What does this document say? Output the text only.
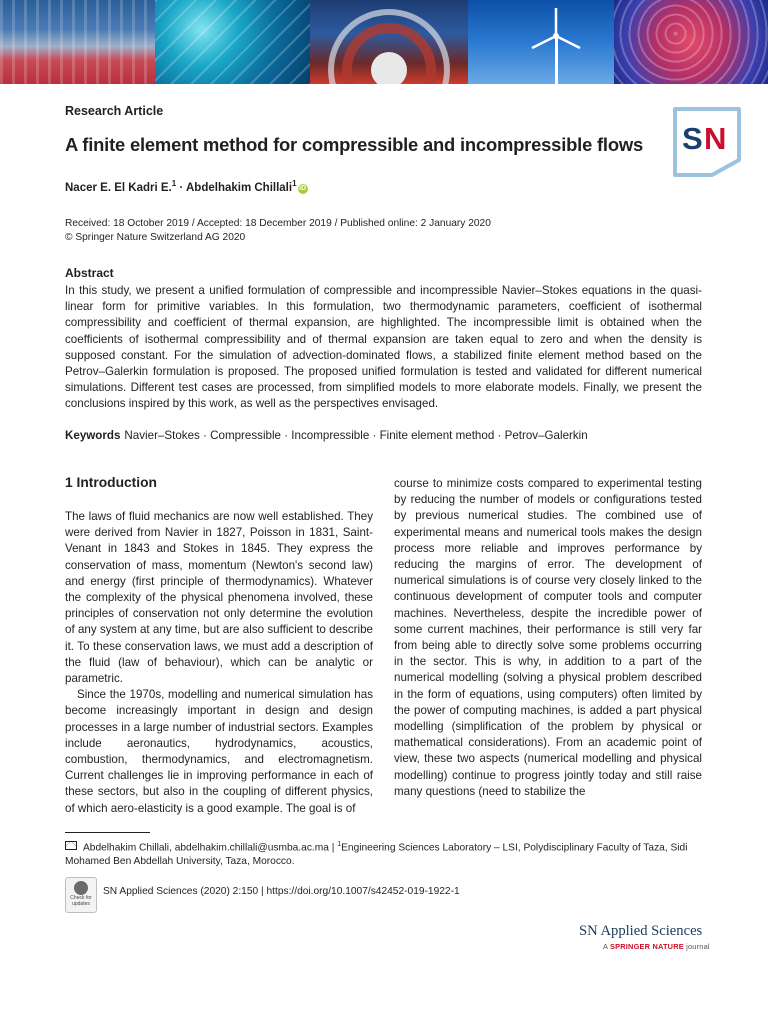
Research Article
A finite element method for compressible and incompressible flows
Nacer E. El Kadri E.$^1$ · Abdelhakim Chillali$^1$iD
Received: 18 October 2019 / Accepted: 18 December 2019 / Published online: 2 January 2020
© Springer Nature Switzerland AG 2020
S N
Abstract
In this study, we present a unified formulation of compressible and incompressible Navier–Stokes equations in the quasi-linear form for primitive variables. In this formulation, two thermodynamic parameters, coefficient of isothermal compressibility and coefficient of thermal expansion, are highlighted. The incompressible limit is obtained when the coefficients of isothermal compressibility and of thermal expansion are taken equal to zero and when the density is supposed constant. For the simulation of advection-dominated flows, a stabilized finite element method based on the Petrov–Galerkin formulation is proposed. The proposed unified formulation is tested and validated for different numerical simulations. Different test cases are processed, from simplified models to more elaborate models. Finally, we present the conclusions inspired by this work, as well as the perspectives envisaged.
Keywords Navier–Stokes · Compressible · Incompressible · Finite element method · Petrov–Galerkin
1 Introduction

The laws of fluid mechanics are now well established. They were derived from Navier in 1827, Poisson in 1831, Saint-Venant in 1843 and Stokes in 1845. They express the conservation of mass, momentum (Newton's second law) and energy (first principle of thermodynamics). Whatever the complexity of the physical phenomena involved, these principles of conservation not only determine the evolution of any system at any time, but are also sufficient to describe it. To these conservation laws, we must add a description of the fluid (law of behaviour), which can be analytic or parametric.

Since the 1970s, modelling and numerical simulation has become increasingly important in design and design processes in a large number of industrial sectors. Examples include aeronautics, hydrodynamics, acoustics, combustion, thermodynamics, and electromagnetism. Current challenges lie in improving performance in each of these sectors, but also in the coupling of different physics, of which aero-elasticity is a good example. The goal is of

course to minimize costs compared to experimental testing by reducing the number of models or configurations tested by previous numerical studies. The combined use of experimental means and numerical tools makes the design process more reliable and improves performance by reducing the margins of error. The development of numerical simulations is of course very closely linked to the continuous development of computer tools and computer machines. Nevertheless, despite the incredible power of some current machines, their performance is still very far from being able to directly solve some problems occurring in the sector. This is why, in addition to a part of the numerical modelling (solving a physical problem described in the form of equations, using computers) often limited by the power of computing machines, is added a part physical modelling (simplification of the problem by physical or mathematical considerations). From an academic point of view, these two aspects (numerical modelling and physical modelling) continue to progress jointly today and still raise many questions (need to stabilize the
Abdelhakim Chillali, abdelhakim.chillali@usmba.ac.ma | $^1$Engineering Sciences Laboratory – LSI, Polydisciplinary Faculty of Taza, Sidi Mohamed Ben Abdellah University, Taza, Morocco.
Check for
updates
SN Applied Sciences (2020) 2:150 | https://doi.org/10.1007/s42452-019-1922-1
SN Applied Sciences
A SPRINGER NATURE journal
